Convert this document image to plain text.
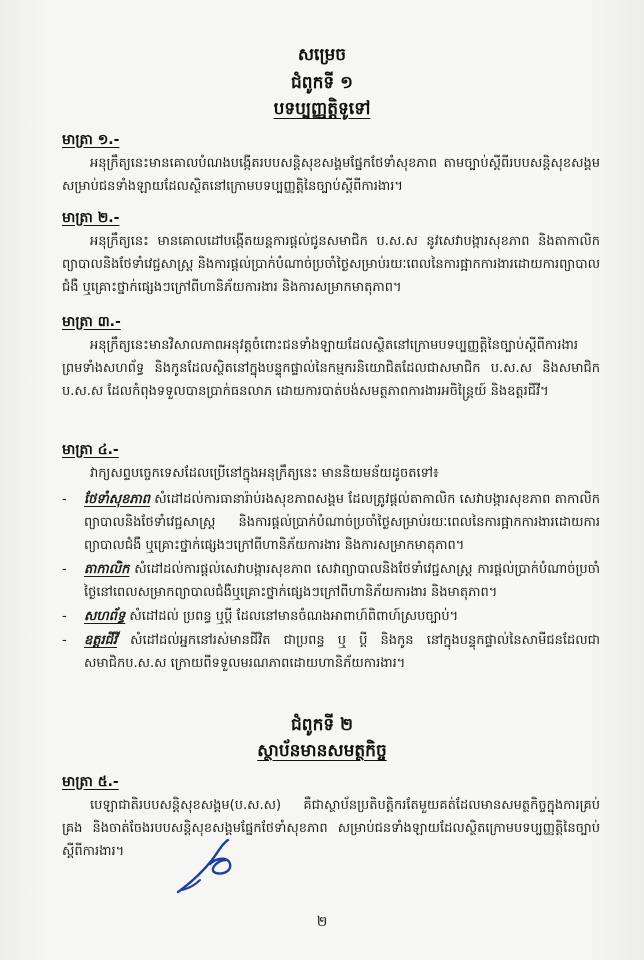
សម្រេច
ជំពូកទី ១
បទប្បញ្ញត្តិទូទៅ
មាត្រា ១.-

អនុក្រឹត្យនេះមានគោលបំណងបង្កើតរបបសន្តិសុខសង្គមផ្នែកថែទាំសុខភាព តាមច្បាប់ស្តីពីរបបសន្តិសុខសង្គម សម្រាប់ជនទាំងឡាយដែលស្ថិតនៅក្រោមបទប្បញ្ញត្តិនៃច្បាប់ស្តីពីការងារ។

មាត្រា ២.-

អនុក្រឹត្យនេះ មានគោលដៅបង្កើតយន្តការផ្តល់ជូនសមាជិក ប.ស.ស នូវសេវាបង្ការសុខភាព និងតាកាលិកព្យាបាលនិងថែទាំវេជ្ជសាស្ត្រ និងការផ្តល់ប្រាក់បំណាច់ប្រចាំថ្ងៃសម្រាប់រយៈពេលនៃការផ្អាកការងារដោយការព្យាបាលជំងឺ ឬគ្រោះថ្នាក់ផ្សេងៗក្រៅពីហានិភ័យការងារ និងការសម្រាកមាតុភាព។

មាត្រា ៣.-

អនុក្រឹត្យនេះមានវិសាលភាពអនុវត្តចំពោះជនទាំងឡាយដែលស្ថិតនៅក្រោមបទប្បញ្ញត្តិនៃច្បាប់ស្តីពីការងារ ព្រមទាំងសហព័ទ្ធ និងកូនដែលស្ថិតនៅក្នុងបន្ទុកផ្ទាល់នៃកម្មករនិយោជិតដែលជាសមាជិក ប.ស.ស និងសមាជិក ប.ស.ស ដែលកំពុងទទួលបានប្រាក់ធនលាភ ដោយការបាត់បង់សមត្ថភាពការងារអចិន្ត្រៃយ៍ និងឧត្តរជីវី។

មាត្រា ៤.-

វាក្យសព្ទបច្ចេកទេសដែលប្រើនៅក្នុងអនុក្រឹត្យនេះ មាននិយមន័យដូចតទៅ៖

- ថែទាំសុខភាព សំដៅដល់ការធានារ៉ាប់រងសុខភាពសង្គម ដែលត្រូវផ្តល់តាកាលិក សេវាបង្ការសុខភាព តាកាលិកព្យាបាលនិងថែទាំវេជ្ជសាស្ត្រ និងការផ្តល់ប្រាក់បំណាច់ប្រចាំថ្ងៃសម្រាប់រយៈពេលនៃការផ្អាកការងារដោយការព្យាបាលជំងឺ ឬគ្រោះថ្នាក់ផ្សេងៗក្រៅពីហានិភ័យការងារ និងការសម្រាកមាតុភាព។
- តាកាលិក សំដៅដល់ការផ្តល់សេវាបង្ការសុខភាព សេវាព្យាបាលនិងថែទាំវេជ្ជសាស្ត្រ ការផ្តល់ប្រាក់បំណាច់ប្រចាំថ្ងៃនៅពេលសម្រាកព្យាបាលជំងឺឬគ្រោះថ្នាក់ផ្សេងៗក្រៅពីហានិភ័យការងារ និងមាតុភាព។
- សហព័ទ្ធ សំដៅដល់ ប្រពន្ធ ឬប្តី ដែលនៅមានចំណងអាពាហ៍ពិពាហ៍ស្របច្បាប់។
- ឧត្តរជីវី សំដៅដល់អ្នកនៅរស់មានជីវិត ជាប្រពន្ធ ឬ ប្តី និងកូន នៅក្នុងបន្ទុកផ្ទាល់នៃសាមីជនដែលជាសមាជិកប.ស.ស ក្រោយពីទទួលមរណភាពដោយហានិភ័យការងារ។
ជំពូកទី ២
ស្ថាប័នមានសមត្ថកិច្ច
មាត្រា ៥.-

បេឡាជាតិរបបសន្តិសុខសង្គម(ប.ស.ស) គឺជាស្ថាប័នប្រតិបត្តិករតែមួយគត់ដែលមានសមត្ថកិច្ចក្នុងការគ្រប់គ្រង និងចាត់ចែងរបបសន្តិសុខសង្គមផ្នែកថែទាំសុខភាព សម្រាប់ជនទាំងឡាយដែលស្ថិតក្រោមបទប្បញ្ញត្តិនៃច្បាប់ស្តីពីការងារ។

២
